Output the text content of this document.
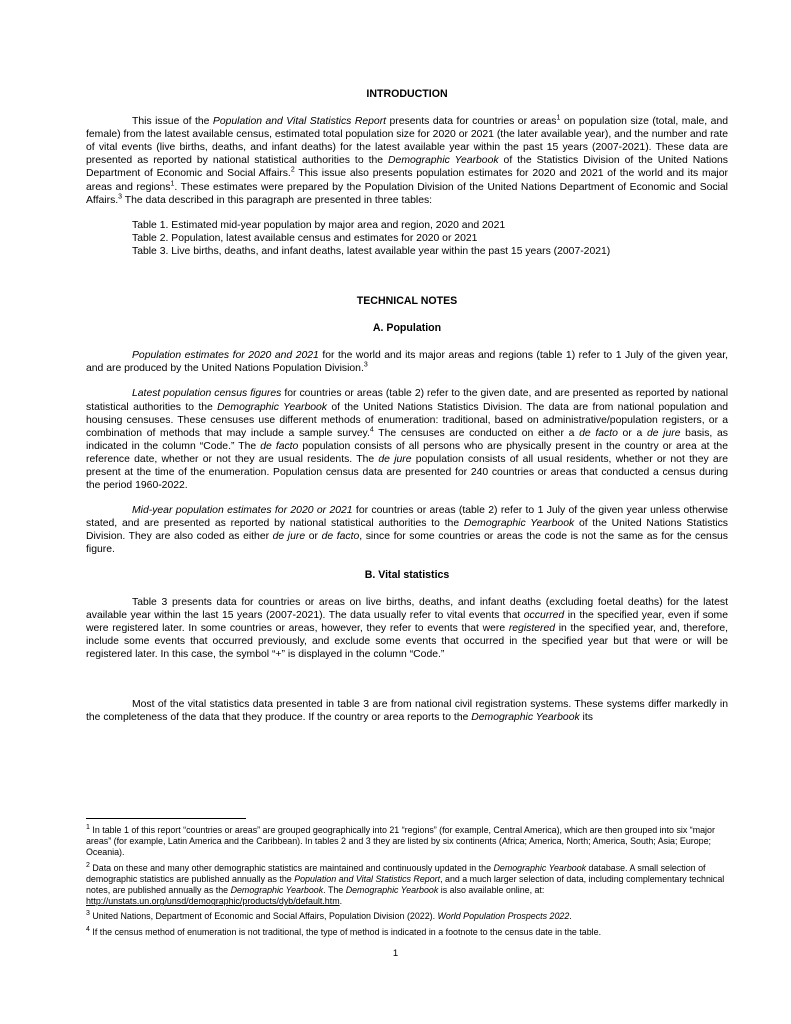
INTRODUCTION

This issue of the Population and Vital Statistics Report presents data for countries or areas$^1$ on population size (total, male, and female) from the latest available census, estimated total population size for 2020 or 2021 (the later available year), and the number and rate of vital events (live births, deaths, and infant deaths) for the latest available year within the past 15 years (2007-2021). These data are presented as reported by national statistical authorities to the Demographic Yearbook of the Statistics Division of the United Nations Department of Economic and Social Affairs.$^2$ This issue also presents population estimates for 2020 and 2021 of the world and its major areas and regions$^1$. These estimates were prepared by the Population Division of the United Nations Department of Economic and Social Affairs.$^3$ The data described in this paragraph are presented in three tables:

Table 1. Estimated mid-year population by major area and region, 2020 and 2021
Table 2. Population, latest available census and estimates for 2020 or 2021
Table 3. Live births, deaths, and infant deaths, latest available year within the past 15 years (2007-2021)
TECHNICAL NOTES
A. Population

Population estimates for 2020 and 2021 for the world and its major areas and regions (table 1) refer to 1 July of the given year, and are produced by the United Nations Population Division.$^3$

Latest population census figures for countries or areas (table 2) refer to the given date, and are presented as reported by national statistical authorities to the Demographic Yearbook of the United Nations Statistics Division. The data are from national population and housing censuses. These censuses use different methods of enumeration: traditional, based on administrative/population registers, or a combination of methods that may include a sample survey.$^4$ The censuses are conducted on either a de facto or a de jure basis, as indicated in the column “Code.” The de facto population consists of all persons who are physically present in the country or area at the reference date, whether or not they are usual residents. The de jure population consists of all usual residents, whether or not they are present at the time of the enumeration. Population census data are presented for 240 countries or areas that conducted a census during the period 1960-2022.

Mid-year population estimates for 2020 or 2021 for countries or areas (table 2) refer to 1 July of the given year unless otherwise stated, and are presented as reported by national statistical authorities to the Demographic Yearbook of the United Nations Statistics Division. They are also coded as either de jure or de facto, since for some countries or areas the code is not the same as for the census figure.

B. Vital statistics

Table 3 presents data for countries or areas on live births, deaths, and infant deaths (excluding foetal deaths) for the latest available year within the last 15 years (2007-2021). The data usually refer to vital events that occurred in the specified year, even if some were registered later. In some countries or areas, however, they refer to events that were registered in the specified year, and, therefore, include some events that occurred previously, and exclude some events that occurred in the specified year but that were or will be registered later. In this case, the symbol “+” is displayed in the column “Code.”

Most of the vital statistics data presented in table 3 are from national civil registration systems. These systems differ markedly in the completeness of the data that they produce. If the country or area reports to the Demographic Yearbook its

$^1$ In table 1 of this report “countries or areas” are grouped geographically into 21 “regions” (for example, Central America), which are then grouped into six “major areas” (for example, Latin America and the Caribbean). In tables 2 and 3 they are listed by six continents (Africa; America, North; America, South; Asia; Europe; Oceania).

$^2$ Data on these and many other demographic statistics are maintained and continuously updated in the Demographic Yearbook database. A small selection of demographic statistics are published annually as the Population and Vital Statistics Report, and a much larger selection of data, including complementary technical notes, are published annually as the Demographic Yearbook. The Demographic Yearbook is also available online, at: http://unstats.un.org/unsd/demographic/products/dyb/default.htm.

$^3$ United Nations, Department of Economic and Social Affairs, Population Division (2022). World Population Prospects 2022.

$^4$ If the census method of enumeration is not traditional, the type of method is indicated in a footnote to the census date in the table.

1
